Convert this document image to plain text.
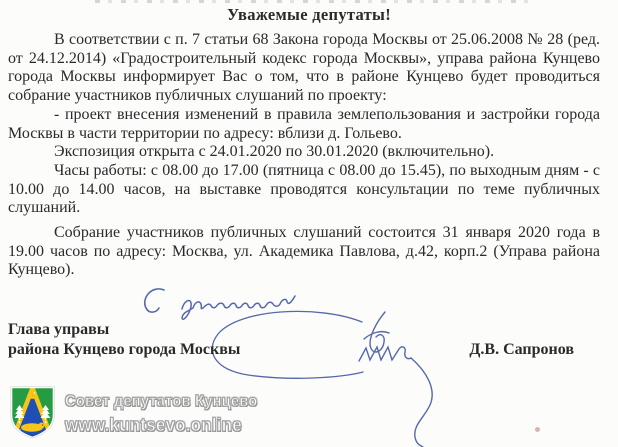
Уважемые депутаты!

В соответствии с п. 7 статьи 68 Закона города Москвы от 25.06.2008 № 28 (ред. от 24.12.2014) «Градостроительный кодекс города Москвы», управа района Кунцево города Москвы информирует Вас о том, что в районе Кунцево будет проводиться собрание участников публичных слушаний по проекту:

- проект внесения изменений в правила землепользования и застройки города Москвы в части территории по адресу: вблизи д. Гольево.

Экспозиция открыта с 24.01.2020 по 30.01.2020 (включительно).

Часы работы: с 08.00 до 17.00 (пятница с 08.00 до 15.45), по выходным дням - с 10.00 до 14.00 часов, на выставке проводятся консультации по теме публичных слушаний.

Собрание участников публичных слушаний состоится 31 января 2020 года в 19.00 часов по адресу: Москва, ул. Академика Павлова, д.42, корп.2 (Управа района Кунцево).

Глава управы
района Кунцево города Москвы	Д.В. Сапронов
Совет депутатов Кунцево
www.kuntsevo.online
